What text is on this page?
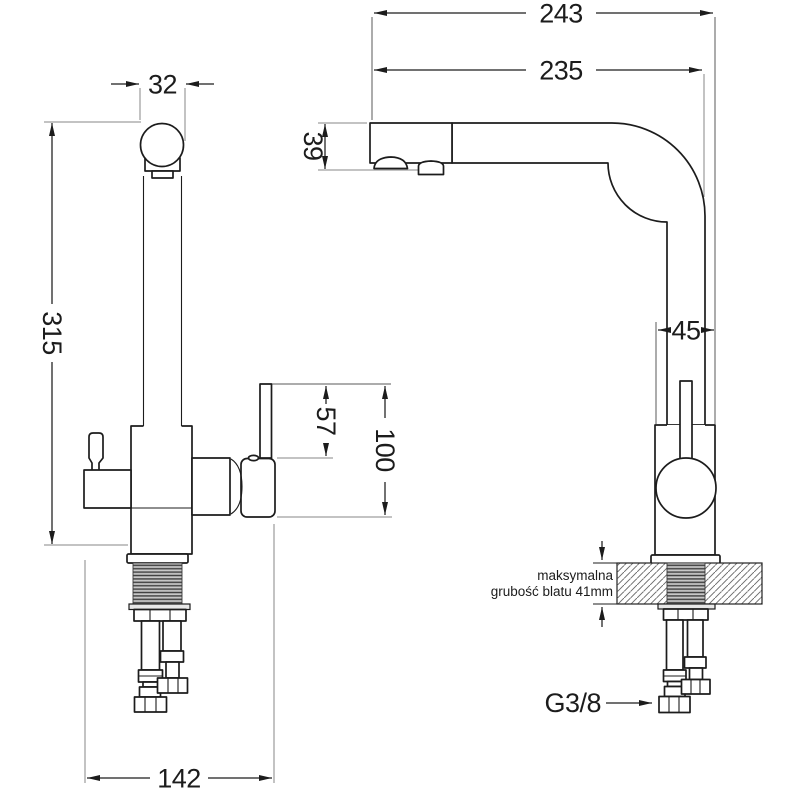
32
315
57
100
142
243
235
39
45
maksymalna
grubość blatu 41mm
G3/8
